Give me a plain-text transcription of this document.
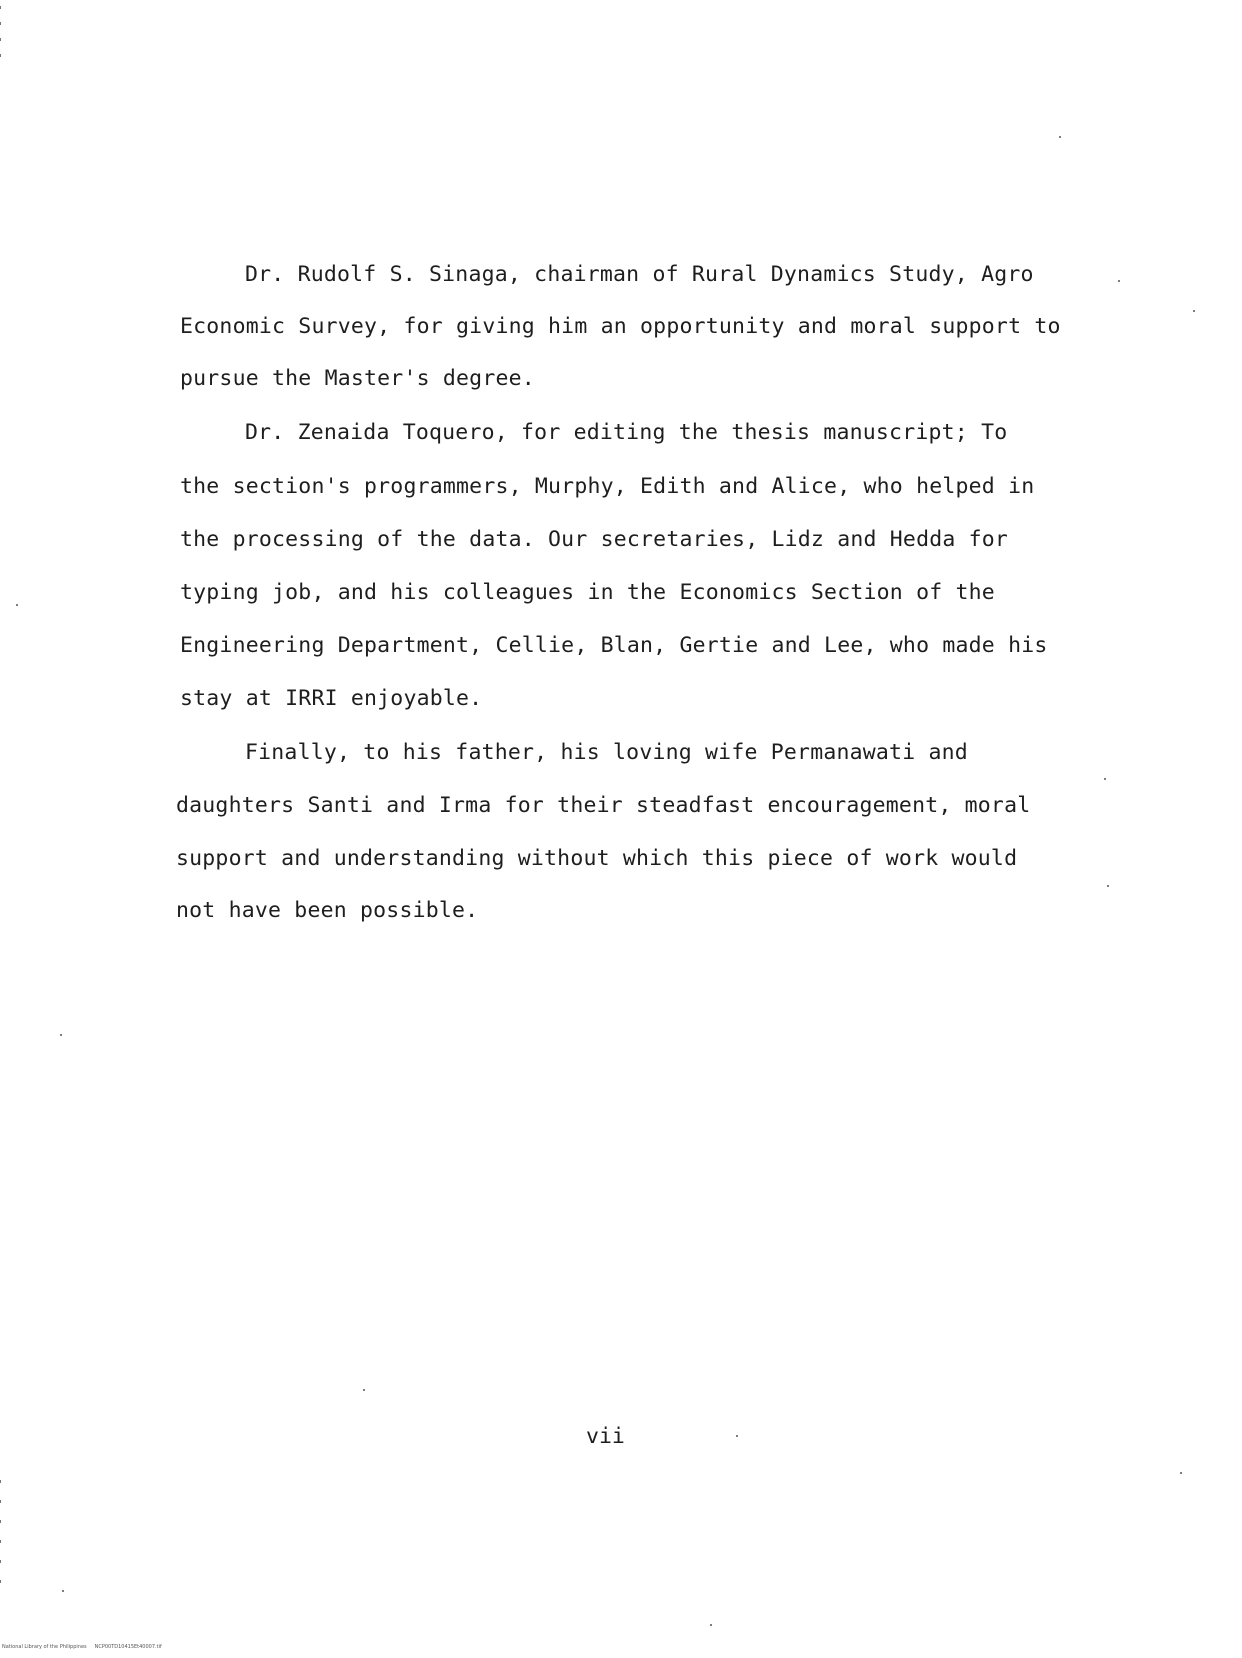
Dr. Rudolf S. Sinaga, chairman of Rural Dynamics Study, Agro
Economic Survey, for giving him an opportunity and moral support to
pursue the Master's degree.
Dr. Zenaida Toquero, for editing the thesis manuscript; To
the section's programmers, Murphy, Edith and Alice, who helped in
the processing of the data. Our secretaries, Lidz and Hedda for
typing job, and his colleagues in the Economics Section of the
Engineering Department, Cellie, Blan, Gertie and Lee, who made his
stay at IRRI enjoyable.
Finally, to his father, his loving wife Permanawati and
daughters Santi and Irma for their steadfast encouragement, moral
support and understanding without which this piece of work would
not have been possible.
vii
National Library of the Philippines     NCP00TD10415Et40007.tif
